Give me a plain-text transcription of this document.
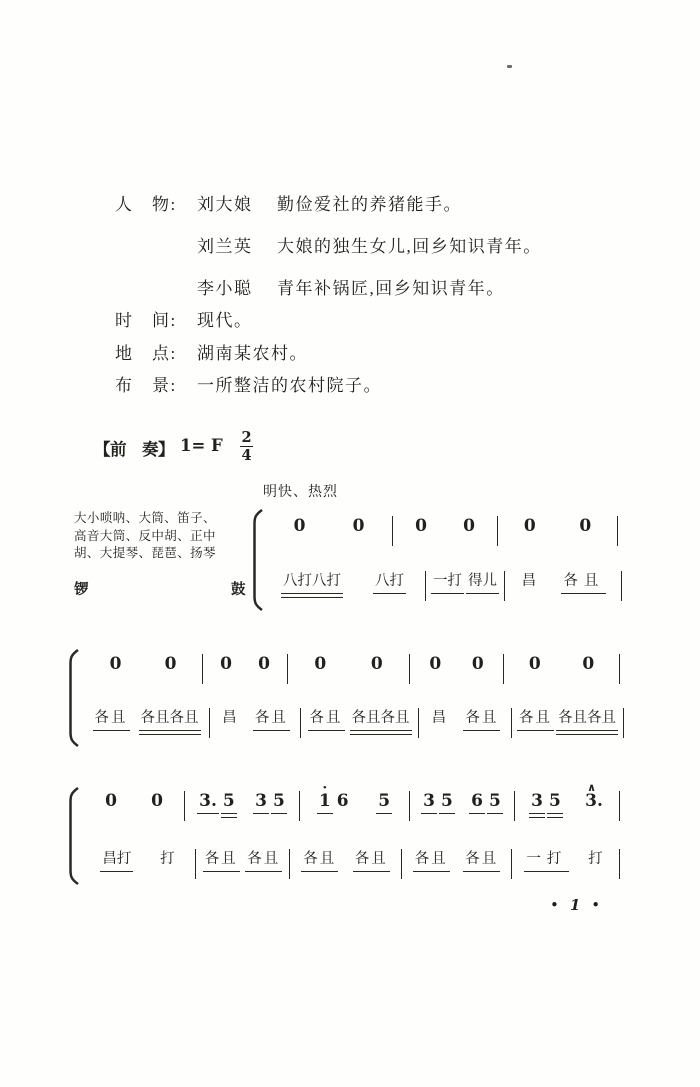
人　物: 刘大娘 勤俭爱社的养猪能手。
刘兰英 大娘的独生女儿,回乡知识青年。
李小聪 青年补锅匠,回乡知识青年。
时　间: 现代。
地　点: 湖南某农村。
布　景: 一所整洁的农村院子。
【前　奏】 1= F 2
4
明快、热烈
大小唢呐、大筒、笛子、
高音大筒、反中胡、正中
胡、大提琴、琵琶、扬琴
锣	鼓
0	0	0 0	0	0
八打八打 八打 一打 得儿 昌 各且
0	0	0 0	0	0	0 0	0 0
各且 各且各且 昌 各且 各且 各且各且 昌 各且 各且 各且各且
0 0 3. 5 3 5
•
1 6 5 3 5 6 5 3 5
∧
3.
昌打 打 各且 各且 各且 各且 各且 各且 一打 打
• 1 •
